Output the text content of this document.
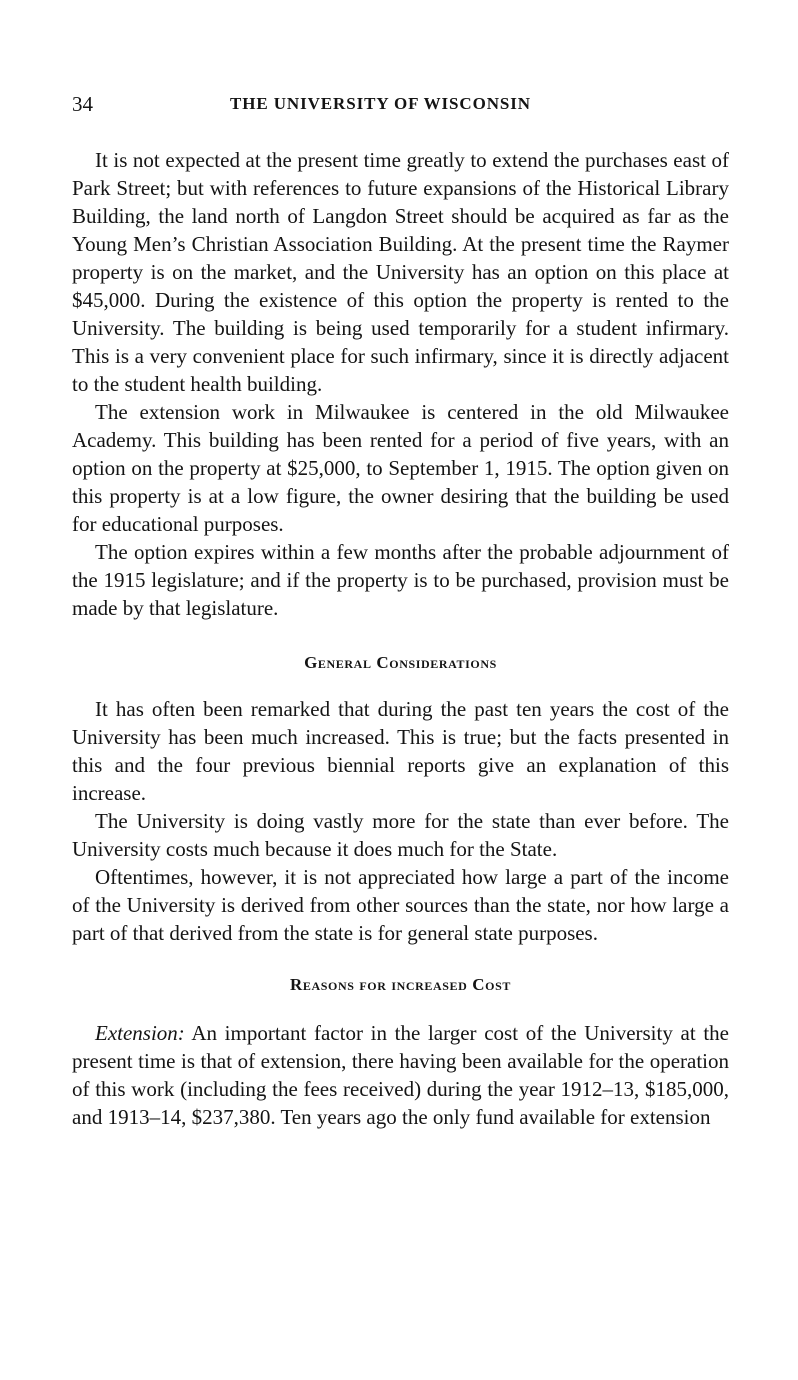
34	THE UNIVERSITY OF WISCONSIN

It is not expected at the present time greatly to extend the purchases east of Park Street; but with references to future expansions of the Historical Library Building, the land north of Langdon Street should be acquired as far as the Young Men’s Christian Association Building. At the present time the Raymer property is on the market, and the University has an option on this place at $45,000. During the existence of this option the property is rented to the University. The building is being used temporarily for a student infirmary. This is a very convenient place for such infirmary, since it is directly adjacent to the student health building.

The extension work in Milwaukee is centered in the old Milwaukee Academy. This building has been rented for a period of five years, with an option on the property at $25,000, to September 1, 1915. The option given on this property is at a low figure, the owner desiring that the building be used for educational purposes.

The option expires within a few months after the probable adjournment of the 1915 legislature; and if the property is to be purchased, provision must be made by that legislature.

General Considerations

It has often been remarked that during the past ten years the cost of the University has been much increased. This is true; but the facts presented in this and the four previous biennial reports give an explanation of this increase.

The University is doing vastly more for the state than ever before. The University costs much because it does much for the State.

Oftentimes, however, it is not appreciated how large a part of the income of the University is derived from other sources than the state, nor how large a part of that derived from the state is for general state purposes.

Reasons for increased Cost

Extension: An important factor in the larger cost of the University at the present time is that of extension, there having been available for the operation of this work (including the fees received) during the year 1912–13, $185,000, and 1913–14, $237,380. Ten years ago the only fund available for extension
